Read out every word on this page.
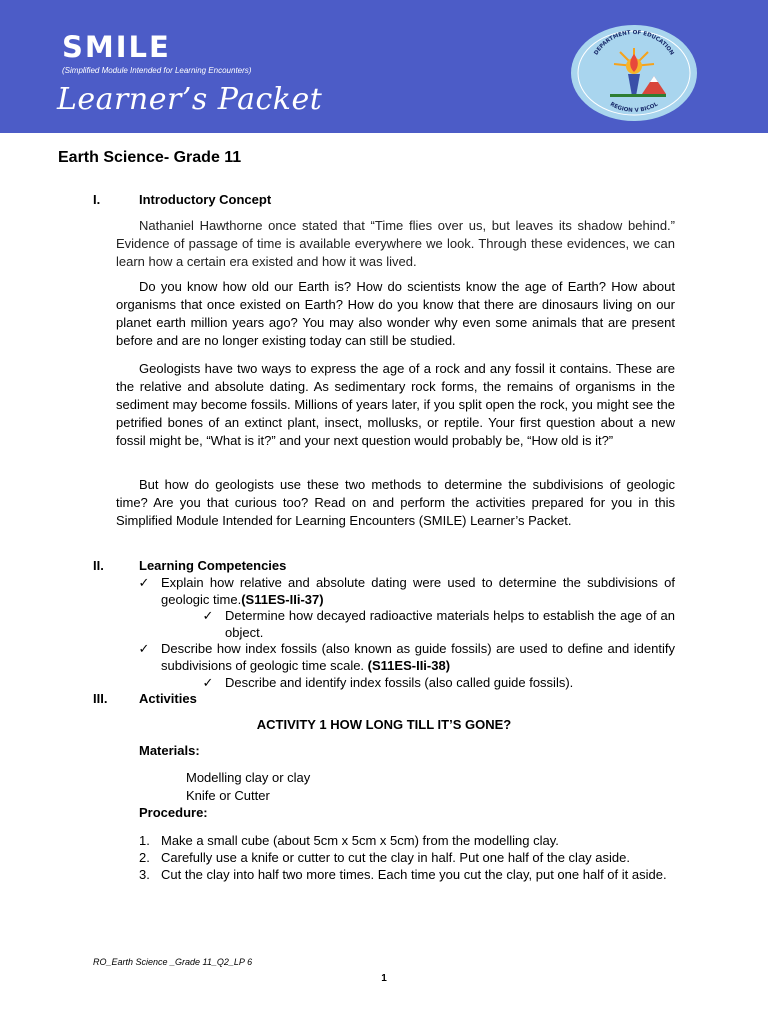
SMILE
(Simplified Module Intended for Learning Encounters)
Learner’s Packet
DEPARTMENT OF EDUCATION
REGION V BICOL
Earth Science- Grade 11
I.	Introductory Concept

Nathaniel Hawthorne once stated that “Time flies over us, but leaves its shadow behind.” Evidence of passage of time is available everywhere we look. Through these evidences, we can learn how a certain era existed and how it was lived.

Do you know how old our Earth is? How do scientists know the age of Earth? How about organisms that once existed on Earth? How do you know that there are dinosaurs living on our planet earth million years ago? You may also wonder why even some animals that are present before and are no longer existing today can still be studied.

Geologists have two ways to express the age of a rock and any fossil it contains. These are the relative and absolute dating. As sedimentary rock forms, the remains of organisms in the sediment may become fossils. Millions of years later, if you split open the rock, you might see the petrified bones of an extinct plant, insect, mollusks, or reptile. Your first question about a new fossil might be, “What is it?” and your next question would probably be, “How old is it?”

But how do geologists use these two methods to determine the subdivisions of geologic time? Are you that curious too? Read on and perform the activities prepared for you in this Simplified Module Intended for Learning Encounters (SMILE) Learner’s Packet.

II.	Learning Competencies
✓ Explain how relative and absolute dating were used to determine the subdivisions of geologic time.(S11ES-IIi-37)
✓ Determine how decayed radioactive materials helps to establish the age of an object.
✓ Describe how index fossils (also known as guide fossils) are used to define and identify subdivisions of geologic time scale. (S11ES-IIi-38)
✓ Describe and identify index fossils (also called guide fossils).
III. Activities
ACTIVITY 1 HOW LONG TILL IT’S GONE?
Materials:
Modelling clay or clay
Knife or Cutter
Procedure:
1. Make a small cube (about 5cm x 5cm x 5cm) from the modelling clay.
2. Carefully use a knife or cutter to cut the clay in half. Put one half of the clay aside.
3. Cut the clay into half two more times. Each time you cut the clay, put one half of it aside.
RO_Earth Science _Grade 11_Q2_LP 6
1
